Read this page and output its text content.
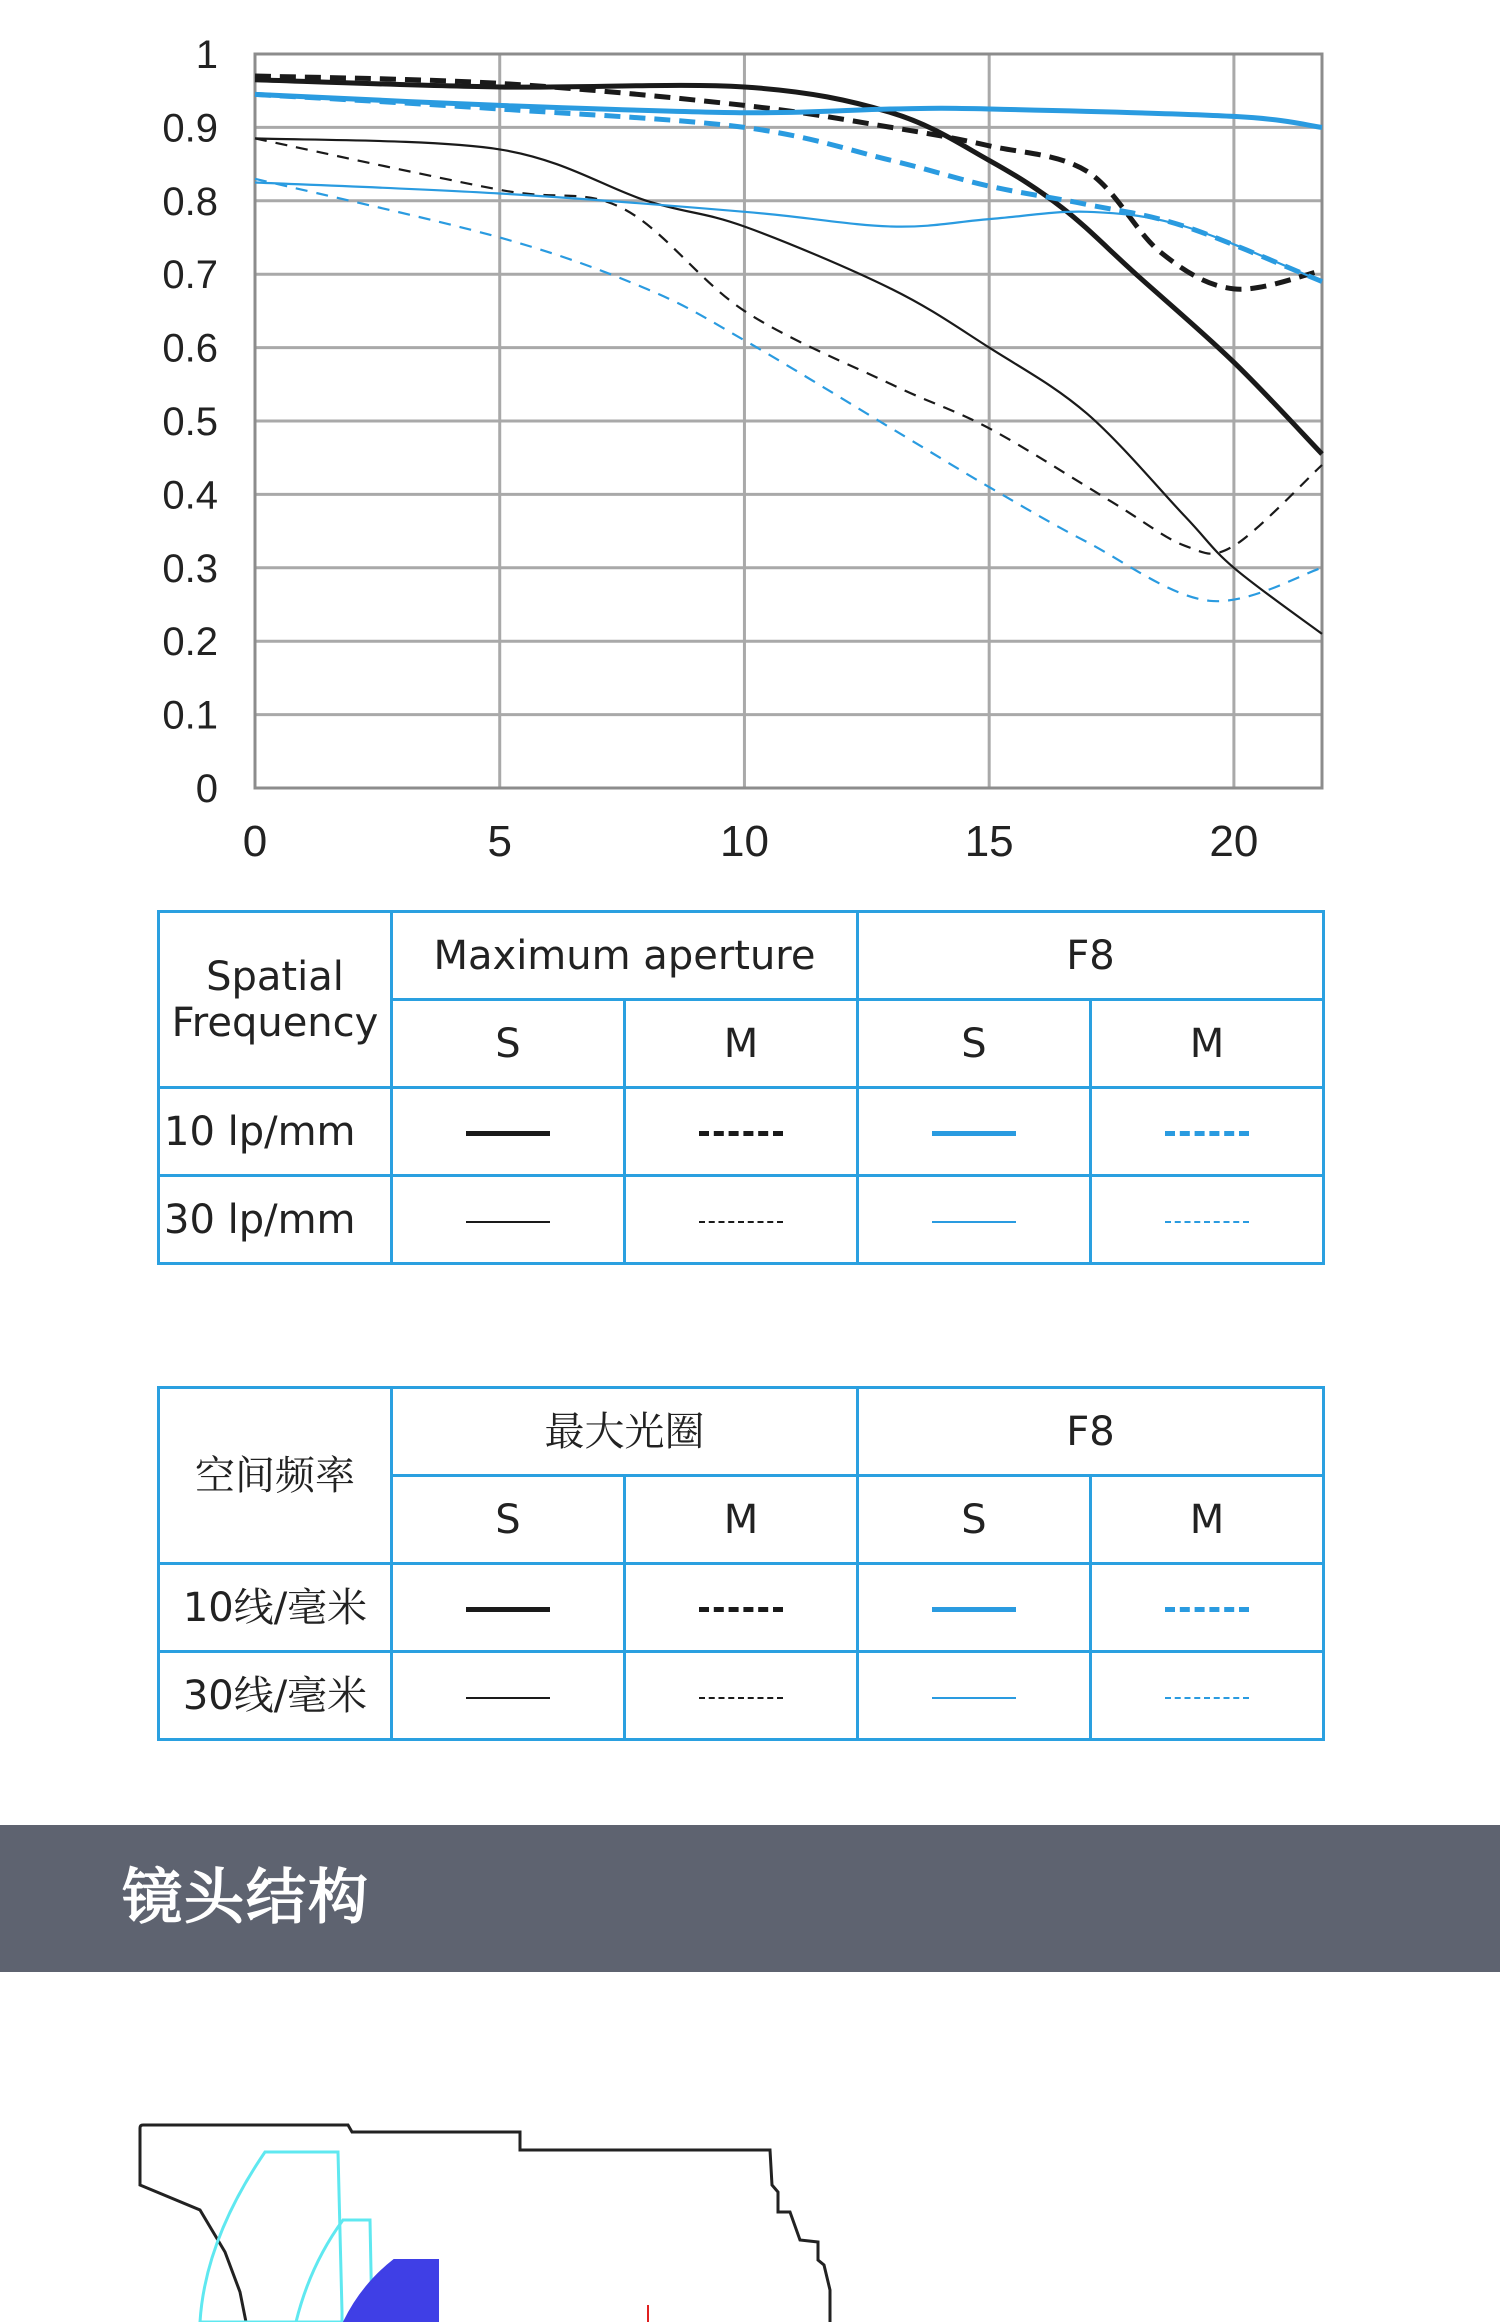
0
0.1
0.2
0.3
0.4
0.5
0.6
0.7
0.8
0.9
1
0	5	10	15	20
Spatial Frequency	Maximum aperture		F8	
	S	M	S	M
10 lp/mm				
30 lp/mm				
空间频率	最大光圈		F8	
	S	M	S	M
10线/毫米				
30线/毫米				
镜头结构
